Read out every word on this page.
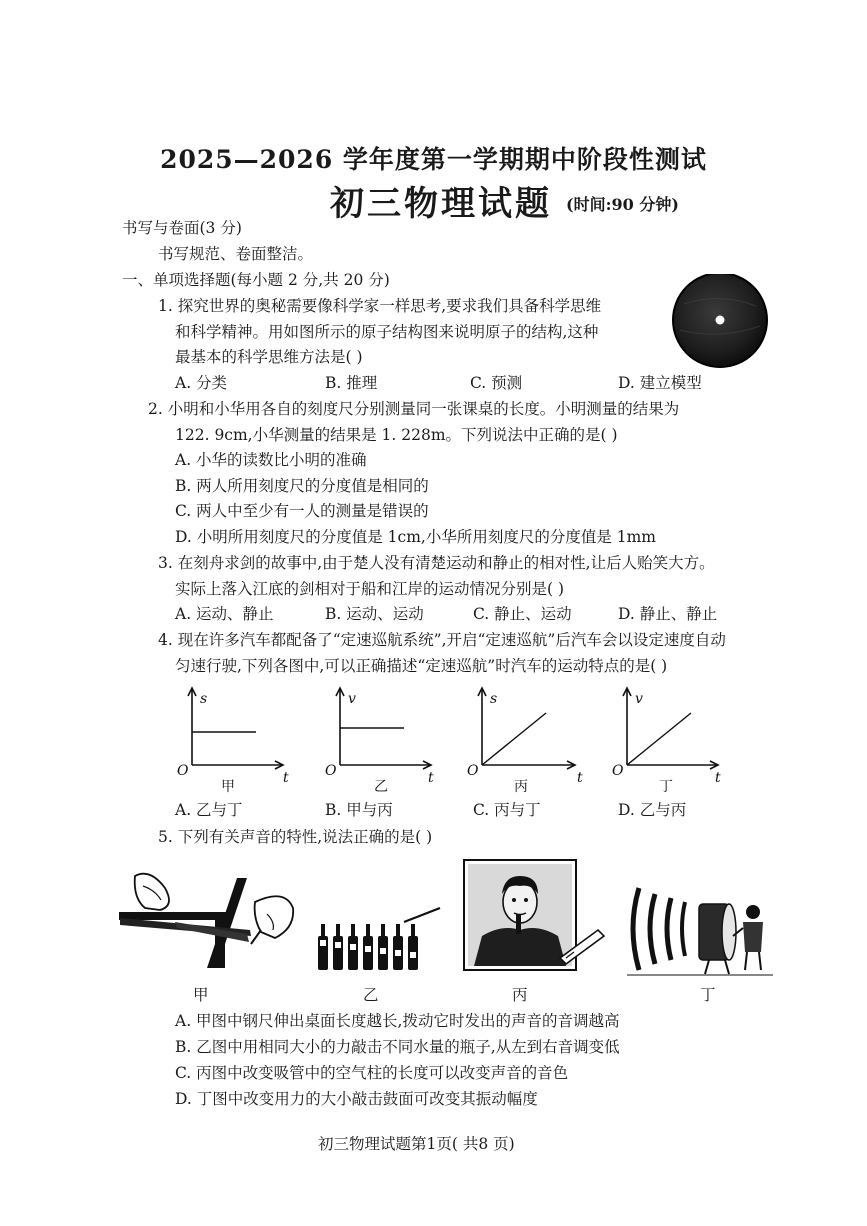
2025—2026 学年度第一学期期中阶段性测试
初三物理试题 (时间:90 分钟)
书写与卷面(3 分)
书写规范、卷面整洁。
一、单项选择题(每小题 2 分,共 20 分)
1. 探究世界的奥秘需要像科学家一样思考,要求我们具备科学思维
和科学精神。用如图所示的原子结构图来说明原子的结构,这种
最基本的科学思维方法是( )
A. 分类	B. 推理	C. 预测	D. 建立模型
2. 小明和小华用各自的刻度尺分别测量同一张课桌的长度。小明测量的结果为
122. 9cm,小华测量的结果是 1. 228m。下列说法中正确的是( )
A. 小华的读数比小明的准确
B. 两人所用刻度尺的分度值是相同的
C. 两人中至少有一人的测量是错误的
D. 小明所用刻度尺的分度值是 1cm,小华所用刻度尺的分度值是 1mm
3. 在刻舟求剑的故事中,由于楚人没有清楚运动和静止的相对性,让后人贻笑大方。
实际上落入江底的剑相对于船和江岸的运动情况分别是( )
A. 运动、静止	B. 运动、运动	C. 静止、运动	D. 静止、静止
4. 现在许多汽车都配备了“定速巡航系统”,开启“定速巡航”后汽车会以设定速度自动
匀速行驶,下列各图中,可以正确描述“定速巡航”时汽车的运动特点的是( )
s
t
O
甲
v
t
O
乙
s
t
O
丙
v
t
O
丁
A. 乙与丁	B. 甲与丙	C. 丙与丁	D. 乙与丙
5. 下列有关声音的特性,说法正确的是( )
甲	乙	丙	丁
A. 甲图中钢尺伸出桌面长度越长,拨动它时发出的声音的音调越高
B. 乙图中用相同大小的力敲击不同水量的瓶子,从左到右音调变低
C. 丙图中改变吸管中的空气柱的长度可以改变声音的音色
D. 丁图中改变用力的大小敲击鼓面可改变其振动幅度
初三物理试题第1页( 共8 页)
